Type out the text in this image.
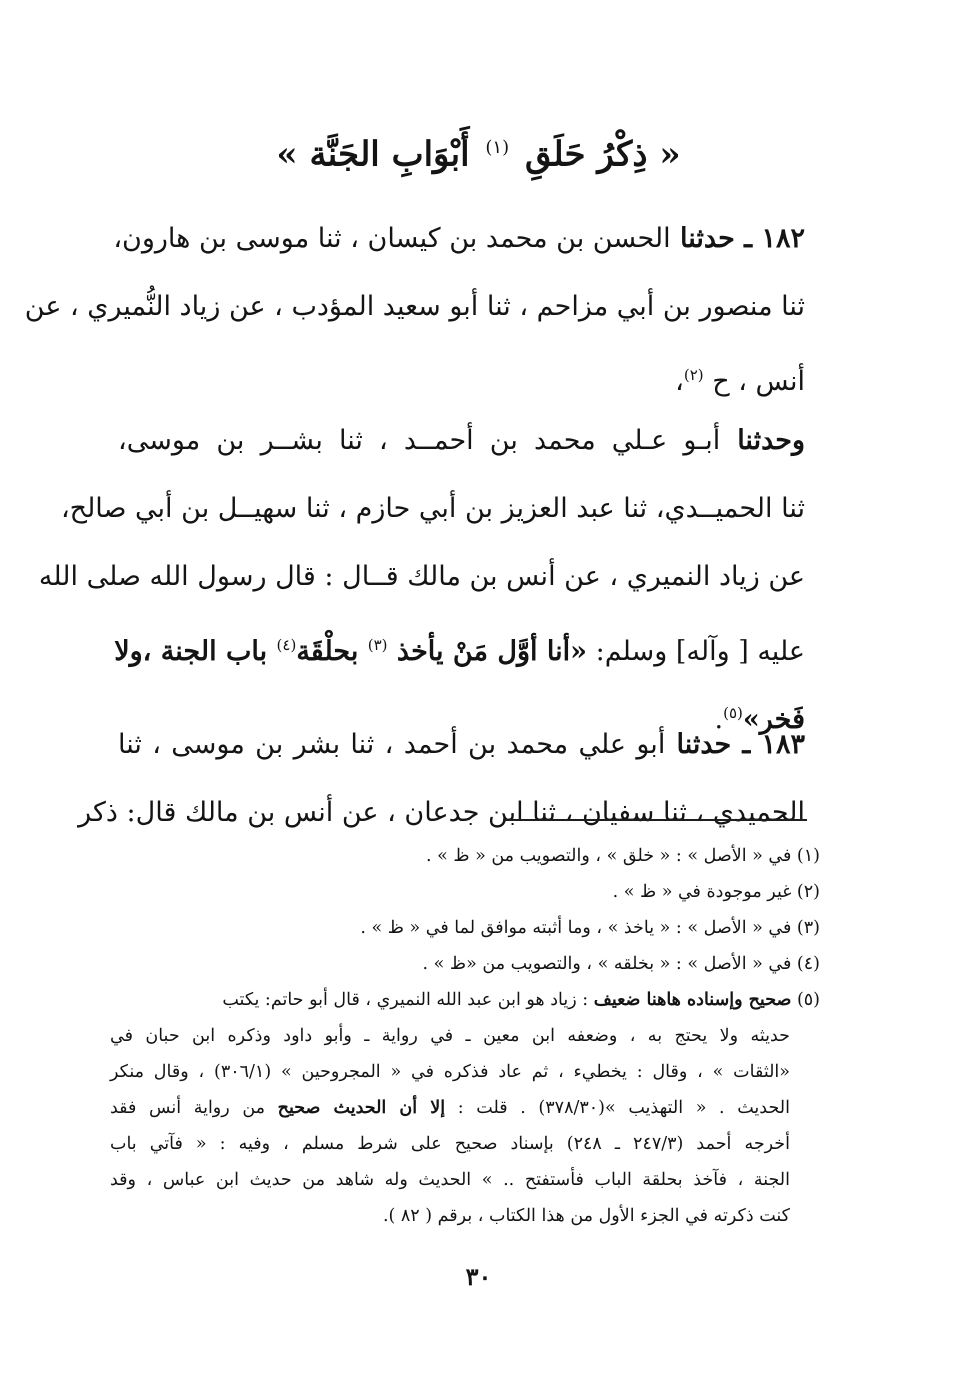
« ذِكْرُ حَلَقِ $^{(١)}$ أَبْوَابِ الجَنَّة »
١٨٢ ـ حدثنا الحسن بن محمد بن كيسان ، ثنا موسى بن هارون،
ثنا منصور بن أبي مزاحم ، ثنا أبو سعيد المؤدب ، عن زياد النُّميري ، عن
أنس ، ح $^{(٢)}$،
وحدثنا أبـو عـلي محمد بن أحمــد ، ثنا بشــر بن موسى،
ثنا الحميــدي، ثنا عبد العزيز بن أبي حازم ، ثنا سهيــل بن أبي صالح،
عن زياد النميري ، عن أنس بن مالك قــال : قال رسول الله صلى الله
عليه [ وآله] وسلم: «أنا أوَّل مَنْ يأخذ $^{(٣)}$ بحلْقَة$^{(٤)}$ باب الجنة ،ولا
فَخر»$^{(٥)}$.
١٨٣ ـ حدثنا أبو علي محمد بن أحمد ، ثنا بشر بن موسى ، ثنا
الحميدي ، ثنا سفيان ، ثنا ابن جدعان ، عن أنس بن مالك قال: ذكر
(١) في « الأصل » : « خلق » ، والتصويب من « ظ » .
(٢) غير موجودة في « ظ » .
(٣) في « الأصل » : « ياخذ » ، وما أثبته موافق لما في « ظ » .
(٤) في « الأصل » : « بخلقه » ، والتصويب من «ظ » .
(٥) صحيح وإسناده هاهنا ضعيف : زياد هو ابن عبد الله النميري ، قال أبو حاتم: يكتب
حديثه ولا يحتج به ، وضعفه ابن معين ـ في رواية ـ وأبو داود وذكره ابن حبان في
«الثقات » ، وقال : يخطيء ، ثم عاد فذكره في « المجروحين » (٣٠٦/١) ، وقال منكر
الحديث . « التهذيب »(٣٧٨/٣٠) . قلت : إلا أن الحديث صحيح من رواية أنس فقد
أخرجه أحمد (٢٤٧/٣ ـ ٢٤٨) بإسناد صحيح على شرط مسلم ، وفيه : « فآتي باب
الجنة ، فآخذ بحلقة الباب فأستفتح .. » الحديث وله شاهد من حديث ابن عباس ، وقد
كنت ذكرته في الجزء الأول من هذا الكتاب ، برقم ( ٨٢ ).
٣٠
